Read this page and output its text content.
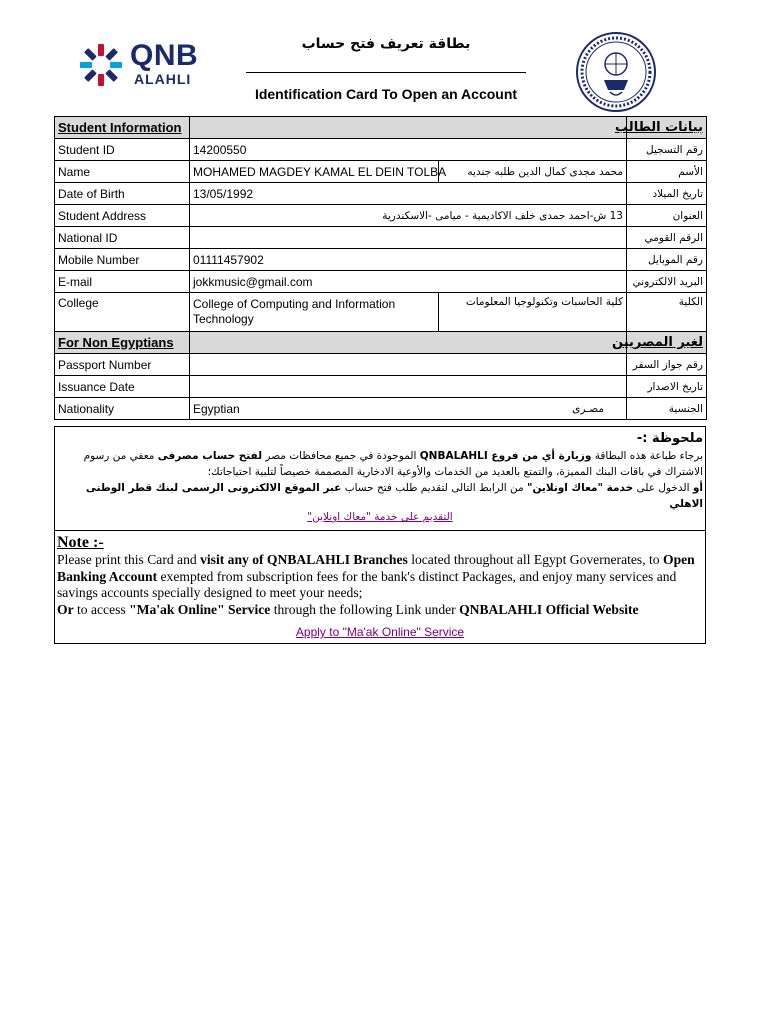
QNB
ALAHLI
بطاقة تعريف فتح حساب
Identification Card To Open an Account
Student Information			بيانات الطالب
Student ID	14200550		رقم التسجيل
Name	MOHAMED MAGDEY KAMAL EL DEIN TOLBA	محمد مجدى كمال الدين طلبه جنديه	الأسم
Date of Birth	13/05/1992		تاريخ الميلاد
Student Address	13 ش-احمد حمدى خلف الاكاديمية - ميامى -الاسكندرية		العنوان
National ID			الرقم القومي
Mobile Number	01111457902		رقم الموبايل
E-mail	jokkmusic@gmail.com		البريد الالكتروني
College	College of Computing and Information Technology	كلية الحاسبات وتكنولوجيا المعلومات	الكلية
For Non Egyptians			لغير المصريين
Passport Number			رقم جواز السفر
Issuance Date			تاريخ الاصدار
Nationality	Egyptian	مصـرى	الجنسية
ملحوظة :-
برجاء طباعة هذه البطاقة وزيارة أي من فروع QNBALAHLI الموجودة في جميع محافظات مصر لفتح حساب مصرفى معفي من رسوم الاشتراك في باقات البنك المميزة، والتمتع بالعديد من الخدمات والأوعية الادخارية المصممة خصيصاً لتلبية احتياجاتك؛
أو الدخول على خدمة "معاك اونلاين" من الرابط التالى لتقديم طلب فتح حساب عبر الموقع الالكترونى الرسمى لبنك قطر الوطنى الاهلي
التقديم على خدمة "معاك اونلاين"
Note :-
Please print this Card and visit any of QNBALAHLI Branches located throughout all Egypt Governerates, to Open Banking Account exempted from subscription fees for the bank's distinct Packages, and enjoy many services and savings accounts specially designed to meet your needs;
Or to access "Ma'ak Online" Service through the following Link under QNBALAHLI Official Website
Apply to "Ma'ak Online" Service
